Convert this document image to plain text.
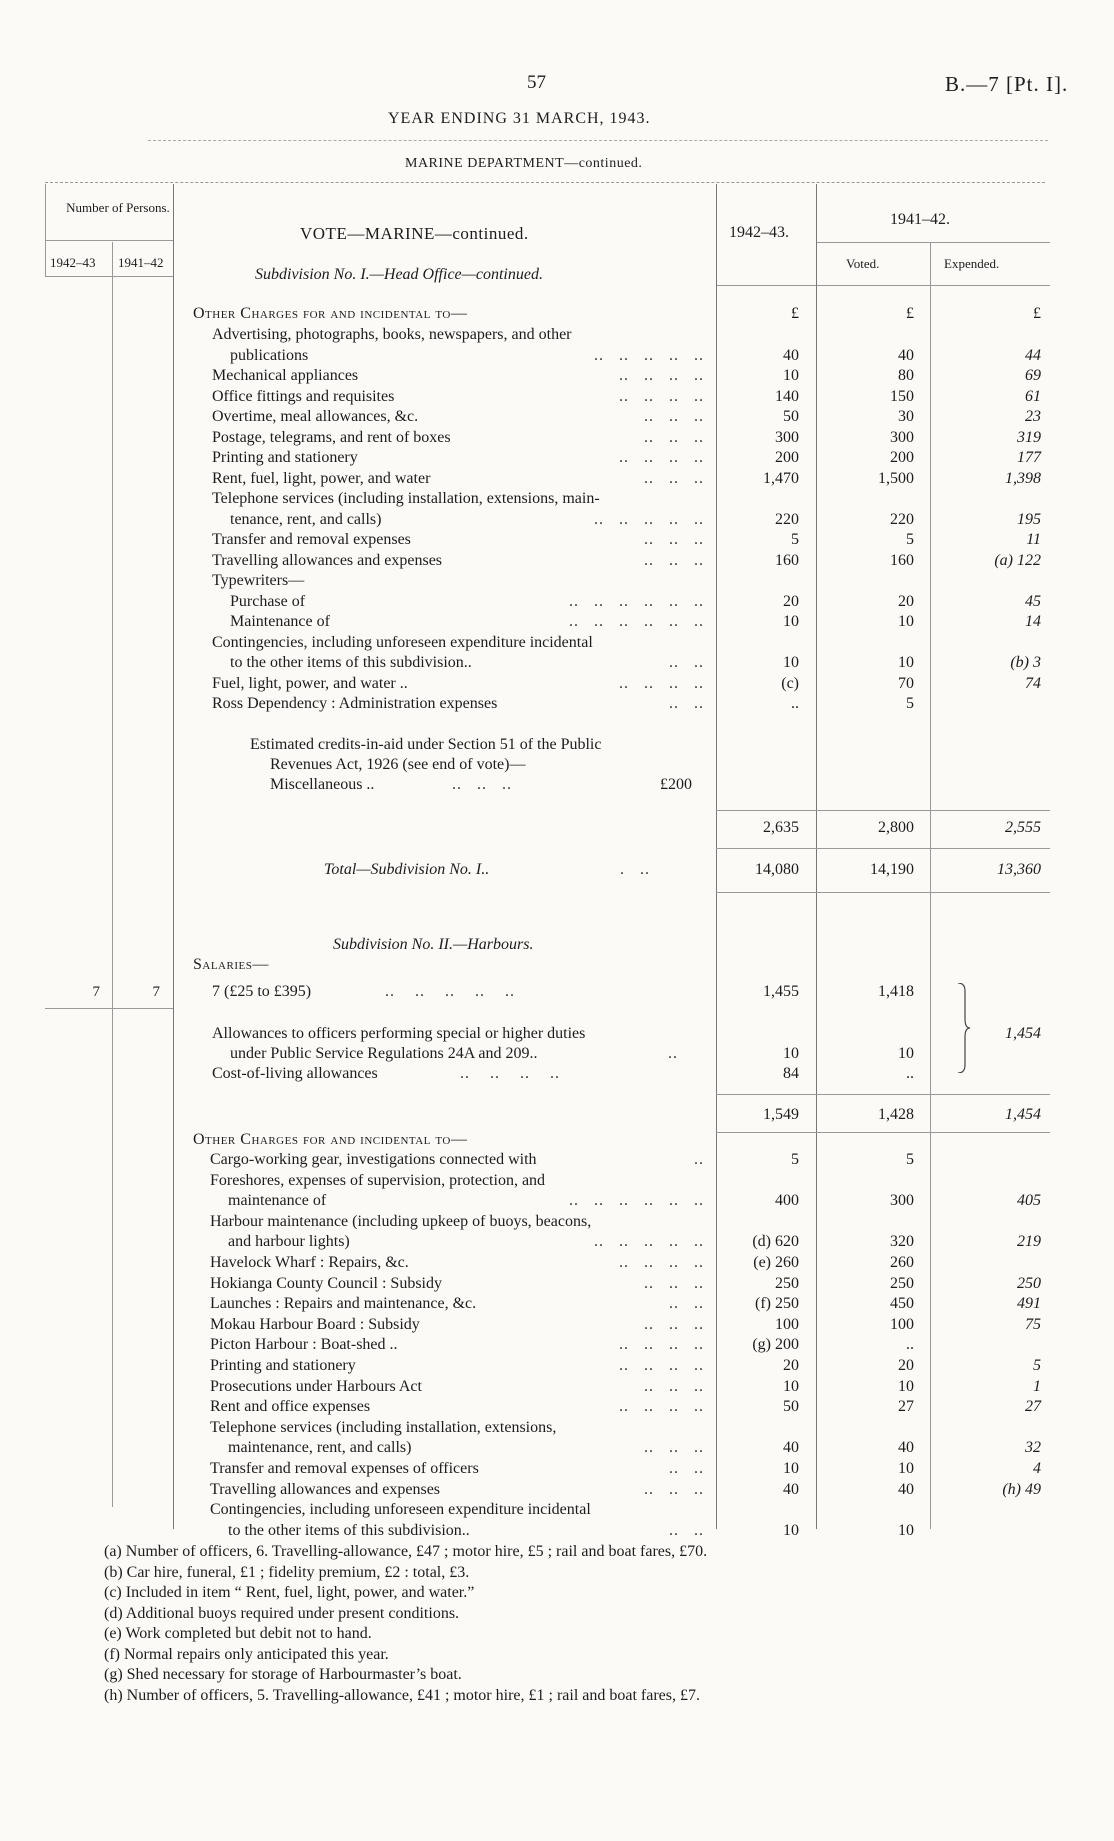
57	B.—7 [Pt. I].
YEAR ENDING 31 MARCH, 1943.
MARINE DEPARTMENT—continued.
Number of Persons.
1942–43 1941–42
VOTE—MARINE—continued.
Subdivision No. I.—Head Office—continued.
1942–43.
1941–42.
Voted.	Expended.
Other Charges for and incidental to—	£	£	£
Advertising, photographs, books, newspapers, and other
publications	..   ..   ..   ..   ..	40	40	44
Mechanical appliances	..   ..   ..   ..	10	80	69
Office fittings and requisites	..   ..   ..   ..	140	150	61
Overtime, meal allowances, &c.	..   ..   ..	50	30	23
Postage, telegrams, and rent of boxes	..   ..   ..	300	300	319
Printing and stationery	..   ..   ..   ..	200	200	177
Rent, fuel, light, power, and water	..   ..   ..	1,470	1,500	1,398
Telephone services (including installation, extensions, main-
tenance, rent, and calls)	..   ..   ..   ..   ..	220	220	195
Transfer and removal expenses	..   ..   ..	5	5	11
Travelling allowances and expenses	..   ..   ..	160	160	(a) 122
Typewriters—
Purchase of	..   ..   ..   ..   ..   ..	20	20	45
Maintenance of	..   ..   ..   ..   ..   ..	10	10	14
Contingencies, including unforeseen expenditure incidental
to the other items of this subdivision..	..   ..	10	10	(b) 3
Fuel, light, power, and water ..	..   ..   ..   ..	(c)	70	74
Ross Dependency : Administration expenses	..   ..	..	5
Estimated credits-in-aid under Section 51 of the Public
Revenues Act, 1926 (see end of vote)—
Miscellaneous ..	..   ..   ..	£200
2,635	2,800	2,555
Total—Subdivision No. I..	.   ..	14,080	14,190	13,360
Subdivision No. II.—Harbours.
Salaries—
7	7	7 (£25 to £395)	..    ..    ..    ..    ..	1,455	1,418
Allowances to officers performing special or higher duties	1,454
under Public Service Regulations 24A and 209..	..	10	10
Cost-of-living allowances	..    ..    ..    ..	84	..
1,549	1,428	1,454
Other Charges for and incidental to—
Cargo-working gear, investigations connected with	..	5	5
Foreshores, expenses of supervision, protection, and
maintenance of	..   ..   ..   ..   ..   ..	400	300	405
Harbour maintenance (including upkeep of buoys, beacons,
and harbour lights)	..   ..   ..   ..   ..	(d) 620	320	219
Havelock Wharf : Repairs, &c.	..   ..   ..   ..	(e) 260	260
Hokianga County Council : Subsidy	..   ..   ..	250	250	250
Launches : Repairs and maintenance, &c.	..   ..	(f) 250	450	491
Mokau Harbour Board : Subsidy	..   ..   ..	100	100	75
Picton Harbour : Boat-shed ..	..   ..   ..   ..	(g) 200	..
Printing and stationery	..   ..   ..   ..	20	20	5
Prosecutions under Harbours Act	..   ..   ..	10	10	1
Rent and office expenses	..   ..   ..   ..	50	27	27
Telephone services (including installation, extensions,
maintenance, rent, and calls)	..   ..   ..	40	40	32
Transfer and removal expenses of officers	..   ..	10	10	4
Travelling allowances and expenses	..   ..   ..	40	40	(h) 49
Contingencies, including unforeseen expenditure incidental
to the other items of this subdivision..	..   ..	10	10
(a) Number of officers, 6. Travelling-allowance, £47 ; motor hire, £5 ; rail and boat fares, £70.
(b) Car hire, funeral, £1 ; fidelity premium, £2 : total, £3.
(c) Included in item “ Rent, fuel, light, power, and water.”
(d) Additional buoys required under present conditions.
(e) Work completed but debit not to hand.
(f) Normal repairs only anticipated this year.
(g) Shed necessary for storage of Harbourmaster’s boat.
(h) Number of officers, 5. Travelling-allowance, £41 ; motor hire, £1 ; rail and boat fares, £7.
